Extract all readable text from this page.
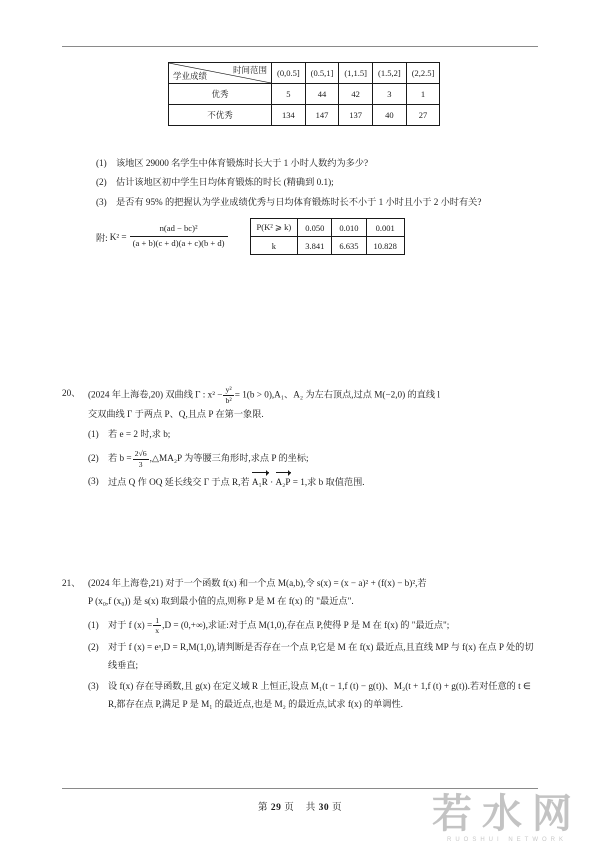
时间范围
学业成绩	(0,0.5]	(0.5,1]	(1,1.5]	(1.5,2]	(2,2.5]
优秀	5	44	42	3	1
不优秀	134	147	137	40	27
(1)	该地区 29000 名学生中体育锻炼时长大于 1 小时人数约为多少?
(2)	估计该地区初中学生日均体育锻炼的时长 (精确到 0.1);
(3)	是否有 95% 的把握认为学业成绩优秀与日均体育锻炼时长不小于 1 小时且小于 2 小时有关?
附: $K^2 = \frac{\text{n(ad − bc)²}}{(a + b)(c + d)(a + c)(b + d)}$	P(K² ⩾ k)	0.050	0.010	0.001
k	3.841	6.635	10.828
20、 (2024 年上海卷,20) 双曲线 Γ : $x^2 - \frac{\text{y²}}{\text{b²}} = 1(b > 0),A_1$、A₂ 为左右顶点,过点 M(−2,0) 的直线 l
交双曲线 Γ 于两点 P、Q,且点 P 在第一象限.
(1)	若 e = 2 时,求 b;
(2)	若 $b = \frac{2√6}{3}$ ,△MA₂P 为等腰三角形时,求点 P 的坐标;
(3)	过点 Q 作 OQ 延长线交 Γ 于点 R,若 A₁R · A₂P = 1,求 b 取值范围.
21、 (2024 年上海卷,21) 对于一个函数 f(x) 和一个点 M(a,b),令 s(x) = (x − a)² + (f(x) − b)²,若
P (x₀,f (x₀)) 是 s(x) 取到最小值的点,则称 P 是 M 在 f(x) 的 "最近点".
(1)	对于 f $(x) = \frac{1}{x} ,D = (0,+\infty)$,求证:对于点 M(1,0),存在点 P,使得 P 是 M 在 f(x) 的 "最近点";
(2)	对于 f (x) = eˣ,D = R,M(1,0),请判断是否存在一个点 P,它是 M 在 f(x) 最近点,且直线 MP 与 f(x) 在点 P 处的切线垂直;
(3)	设 f(x) 存在导函数,且 g(x) 在定义域 R 上恒正,设点 M₁(t − 1,f (t) − g(t))、M₂(t + 1,f (t) + g(t)).若对任意的 t ∈ R,都存在点 P,满足 P 是 M₁ 的最近点,也是 M₂ 的最近点,试求 f(x) 的单调性.
第 29 页 共 30 页	若水网
RUOSHUI NETWORK
